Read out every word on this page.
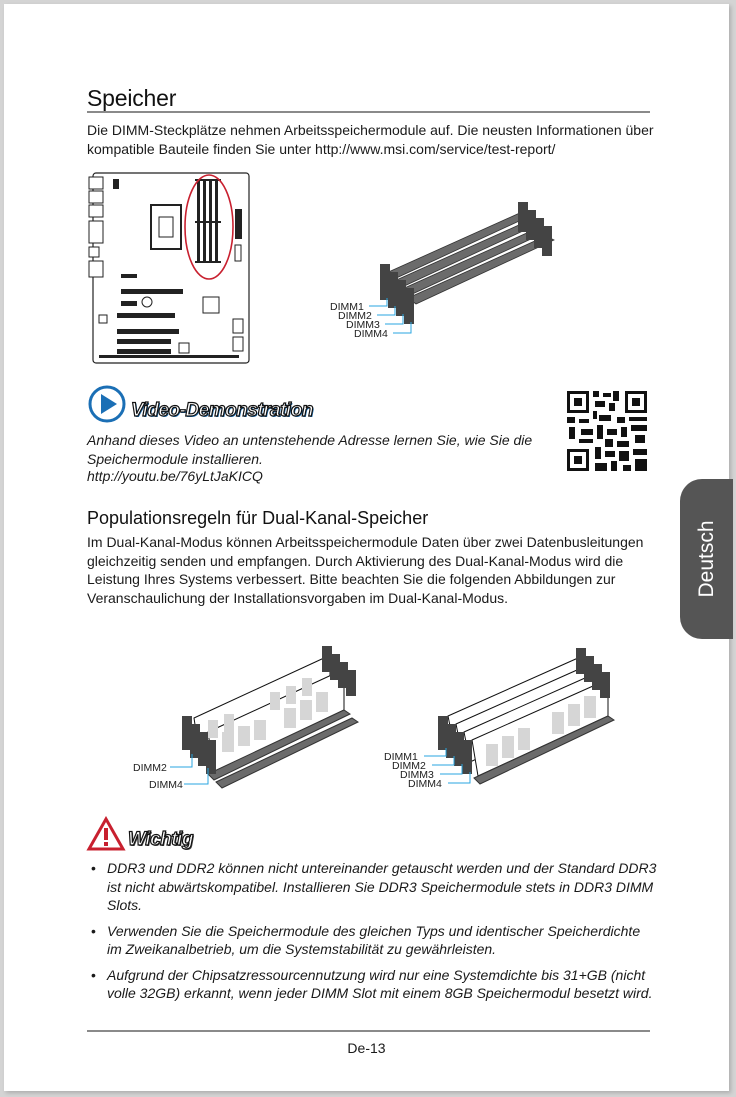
Speicher
Die DIMM-Steckplätze nehmen Arbeitsspeichermodule auf. Die neusten Informationen über kompatible Bauteile finden Sie unter http://www.msi.com/service/test-report/
DIMM1
DIMM2
DIMM3
DIMM4
Video-Demonstration
Anhand dieses Video an untenstehende Adresse lernen Sie, wie Sie die Speichermodule installieren.
http://youtu.be/76yLtJaKICQ
Deutsch
Populationsregeln für Dual-Kanal-Speicher
Im Dual-Kanal-Modus können Arbeitsspeichermodule Daten über zwei Datenbusleitungen gleichzeitig senden und empfangen. Durch Aktivierung des Dual-Kanal-Modus wird die Leistung Ihres Systems verbessert. Bitte beachten Sie die folgenden Abbildungen zur Veranschaulichung der Installationsvorgaben im Dual-Kanal-Modus.
DIMM2
DIMM4
DIMM1
DIMM2
DIMM3
DIMM4
Wichtig
• DDR3 und DDR2 können nicht untereinander getauscht werden und der Standard DDR3 ist nicht abwärtskompatibel. Installieren Sie DDR3 Speichermodule stets in DDR3 DIMM Slots.
• Verwenden Sie die Speichermodule des gleichen Typs und identischer Speicherdichte im Zweikanalbetrieb, um die Systemstabilität zu gewährleisten.
• Aufgrund der Chipsatzressourcennutzung wird nur eine Systemdichte bis 31+GB (nicht volle 32GB) erkannt, wenn jeder DIMM Slot mit einem 8GB Speichermodul besetzt wird.
De-13
